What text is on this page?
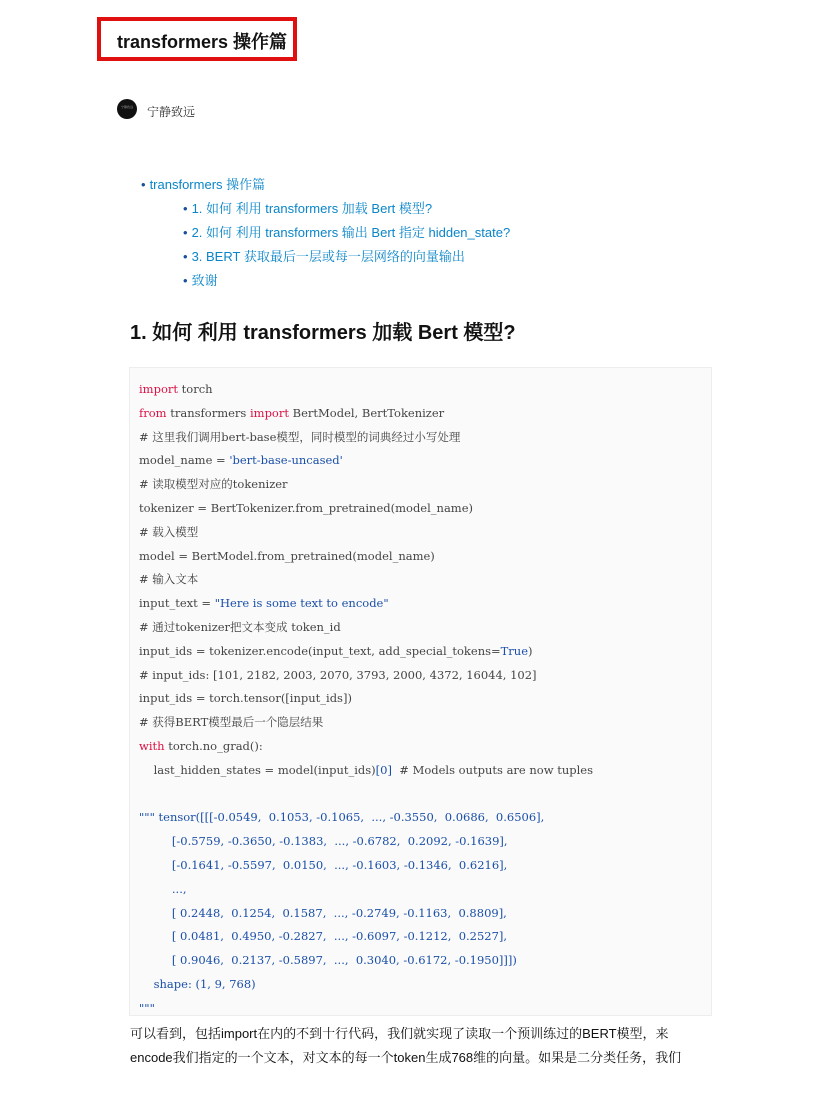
transformers 操作篇
宁静致远	宁静致远
• transformers 操作篇
• 1. 如何 利用 transformers 加载 Bert 模型?
• 2. 如何 利用 transformers 输出 Bert 指定 hidden_state?
• 3. BERT 获取最后一层或每一层网络的向量输出
• 致谢
1. 如何 利用 transformers 加载 Bert 模型?
import torch
from transformers import BertModel, BertTokenizer
# 这里我们调用bert-base模型，同时模型的词典经过小写处理
model_name = 'bert-base-uncased'
# 读取模型对应的tokenizer
tokenizer = BertTokenizer.from_pretrained(model_name)
# 载入模型
model = BertModel.from_pretrained(model_name)
# 输入文本
input_text = "Here is some text to encode"
# 通过tokenizer把文本变成 token_id
input_ids = tokenizer.encode(input_text, add_special_tokens=True)
# input_ids: [101, 2182, 2003, 2070, 3793, 2000, 4372, 16044, 102]
input_ids = torch.tensor([input_ids])
# 获得BERT模型最后一个隐层结果
with torch.no_grad():
last_hidden_states = model(input_ids)[0]  # Models outputs are now tuples

""" tensor([[[-0.0549,  0.1053, -0.1065,  ..., -0.3550,  0.0686,  0.6506],
[-0.5759, -0.3650, -0.1383,  ..., -0.6782,  0.2092, -0.1639],
[-0.1641, -0.5597,  0.0150,  ..., -0.1603, -0.1346,  0.6216],
...,
[ 0.2448,  0.1254,  0.1587,  ..., -0.2749, -0.1163,  0.8809],
[ 0.0481,  0.4950, -0.2827,  ..., -0.6097, -0.1212,  0.2527],
[ 0.9046,  0.2137, -0.5897,  ...,  0.3040, -0.6172, -0.1950]]])
shape: (1, 9, 768)
"""

可以看到，包括import在内的不到十行代码，我们就实现了读取一个预训练过的BERT模型，来

encode我们指定的一个文本，对文本的每一个token生成768维的向量。如果是二分类任务，我们
